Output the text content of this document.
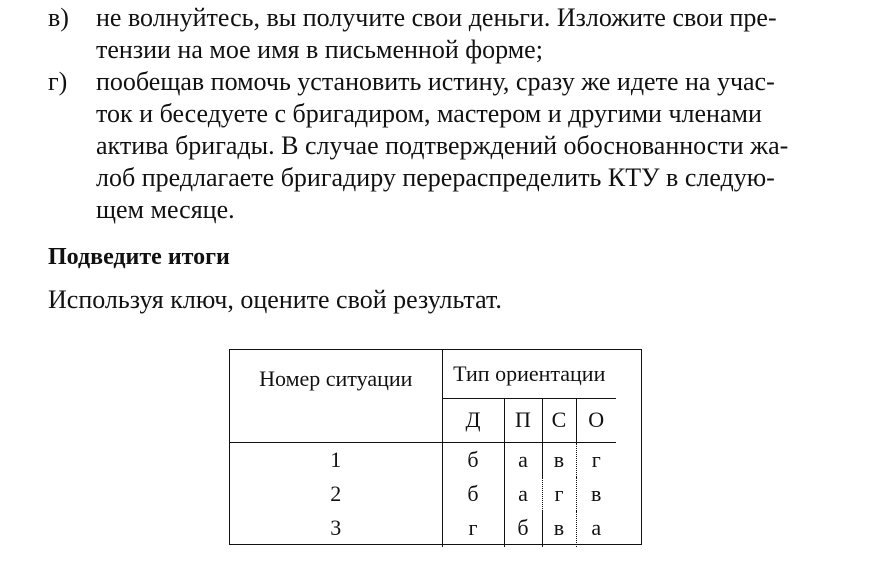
в)	не волнуйтесь, вы получите свои деньги. Изложите свои пре-
тензии на мое имя в письменной форме;
г)	пообещав помочь установить истину, сразу же идете на учас-
ток и беседуете с бригадиром, мастером и другими членами
актива бригады. В случае подтверждений обоснованности жа-
лоб предлагаете бригадиру перераспределить КТУ в следую-
щем месяце.
Подведите итоги
Используя ключ, оцените свой результат.
Номер ситуации	Тип ориентации			
	Д	П	С	О
1	б	а	в	г
2	б	а	г	в
3	г	б	в	а
